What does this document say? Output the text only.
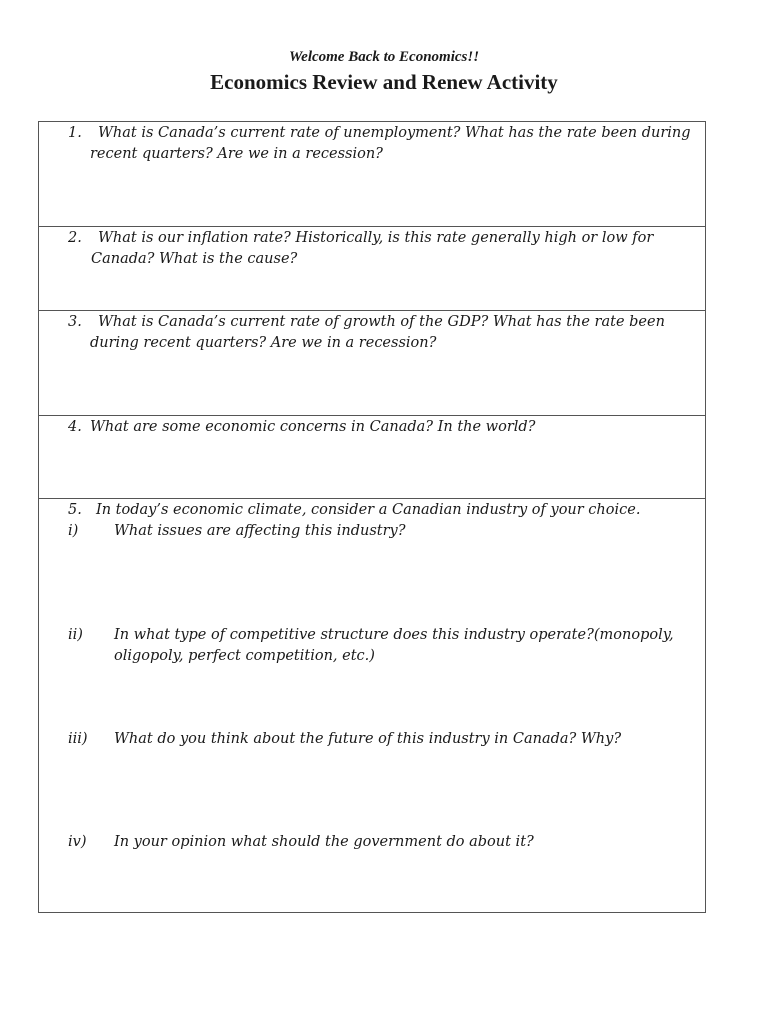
Welcome Back to Economics!!
Economics Review and Renew Activity
1. What is Canada’s current rate of unemployment? What has the rate been during
recent quarters? Are we in a recession?
2. What is our inflation rate? Historically, is this rate generally high or low for
Canada? What is the cause?
3. What is Canada’s current rate of growth of the GDP? What has the rate been
during recent quarters? Are we in a recession?
4. What are some economic concerns in Canada? In the world?
5. In today’s economic climate, consider a Canadian industry of your choice.
i) What issues are affecting this industry?
ii) In what type of competitive structure does this industry operate?(monopoly,
oligopoly, perfect competition, etc.)
iii) What do you think about the future of this industry in Canada? Why?
iv) In your opinion what should the government do about it?
